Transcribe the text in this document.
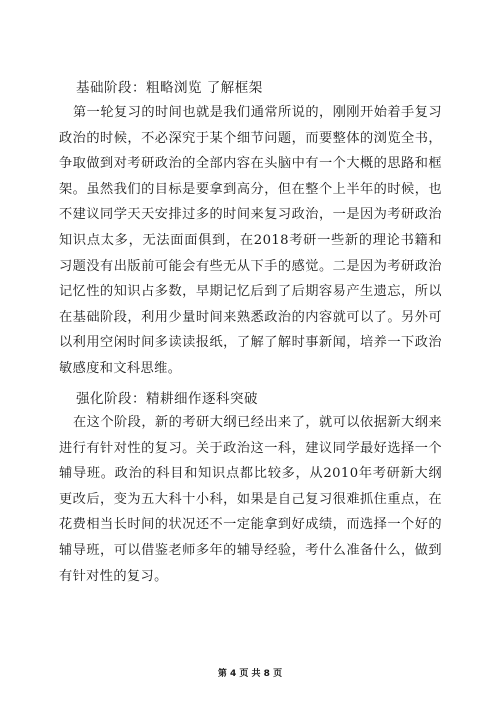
基础阶段：粗略浏览 了解框架

第一轮复习的时间也就是我们通常所说的，刚刚开始着手复习政治的时候，不必深究于某个细节问题，而要整体的浏览全书，争取做到对考研政治的全部内容在头脑中有一个大概的思路和框架。虽然我们的目标是要拿到高分，但在整个上半年的时候，也不建议同学天天安排过多的时间来复习政治，一是因为考研政治知识点太多，无法面面俱到，在2018考研一些新的理论书籍和习题没有出版前可能会有些无从下手的感觉。二是因为考研政治记忆性的知识占多数，早期记忆后到了后期容易产生遗忘，所以在基础阶段，利用少量时间来熟悉政治的内容就可以了。另外可以利用空闲时间多读读报纸，了解了解时事新闻，培养一下政治敏感度和文科思维。

强化阶段：精耕细作逐科突破

在这个阶段，新的考研大纲已经出来了，就可以依据新大纲来进行有针对性的复习。关于政治这一科，建议同学最好选择一个辅导班。政治的科目和知识点都比较多，从2010年考研新大纲更改后，变为五大科十小科，如果是自己复习很难抓住重点，在花费相当长时间的状况还不一定能拿到好成绩，而选择一个好的辅导班，可以借鉴老师多年的辅导经验，考什么准备什么，做到有针对性的复习。

第 4 页 共 8 页
